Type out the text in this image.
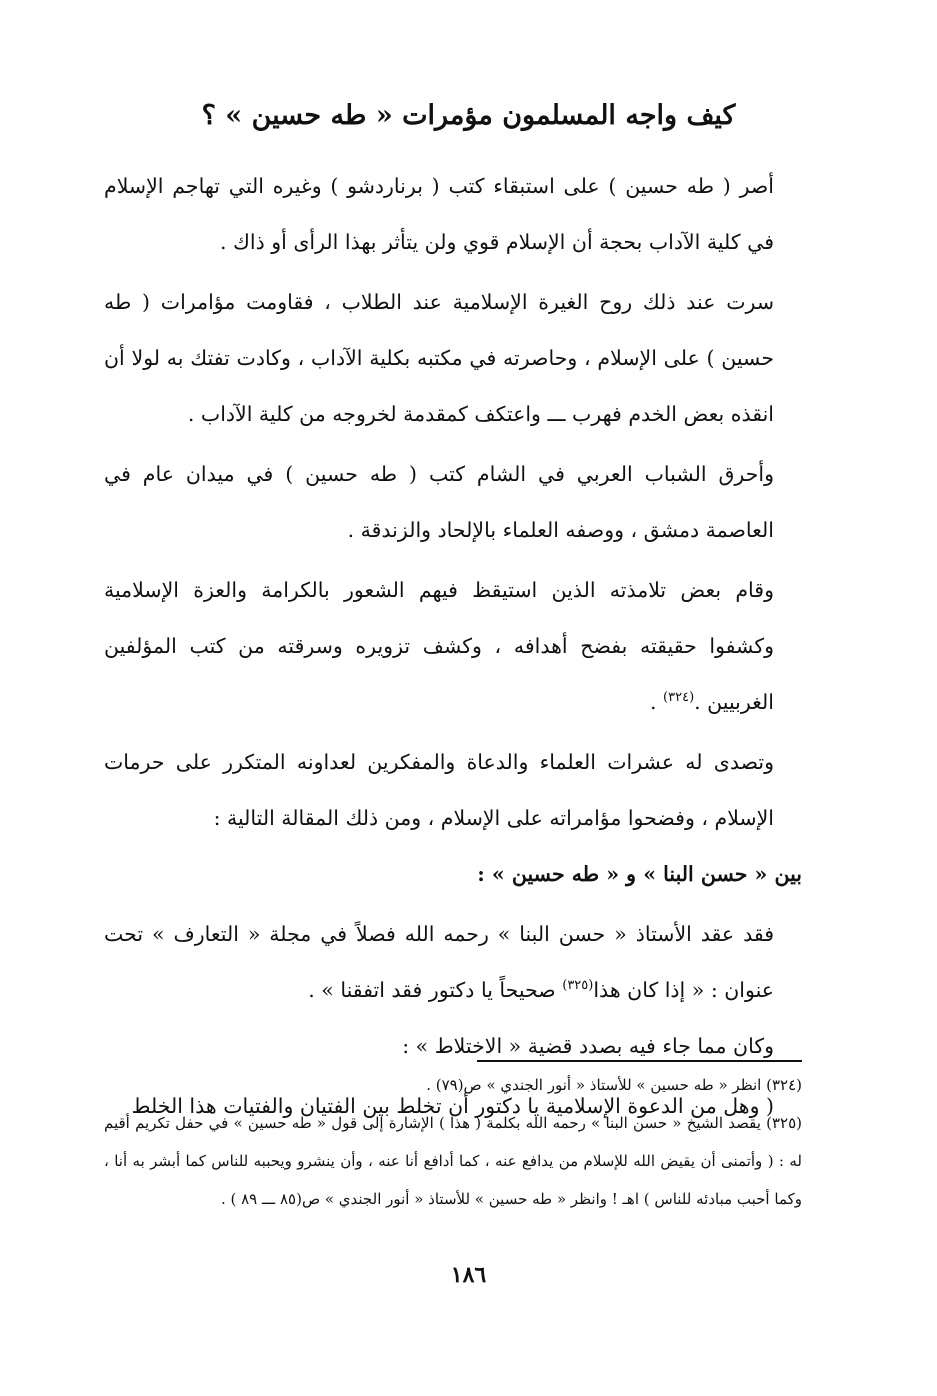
كيف واجه المسلمون مؤمرات « طه حسين » ؟

أصر ( طه حسين ) على استبقاء كتب ( برناردشو ) وغيره التي تهاجم الإسلام في كلية الآداب بحجة أن الإسلام قوي ولن يتأثر بهذا الرأى أو ذاك .

سرت عند ذلك روح الغيرة الإسلامية عند الطلاب ، فقاومت مؤامرات ( طه حسين ) على الإسلام ، وحاصرته في مكتبه بكلية الآداب ، وكادت تفتك به لولا أن انقذه بعض الخدم فهرب ـــ واعتكف كمقدمة لخروجه من كلية الآداب .

وأحرق الشباب العربي في الشام كتب ( طه حسين ) في ميدان عام في العاصمة دمشق ، ووصفه العلماء بالإلحاد والزندقة .

وقام بعض تلامذته الذين استيقظ فيهم الشعور بالكرامة والعزة الإسلامية وكشفوا حقيقته بفضح أهدافه ، وكشف تزويره وسرقته من كتب المؤلفين الغربيين .$^{(٣٢٤)}$ .

وتصدى له عشرات العلماء والدعاة والمفكرين لعداونه المتكرر على حرمات الإسلام ، وفضحوا مؤامراته على الإسلام ، ومن ذلك المقالة التالية :

بين « حسن البنا » و « طه حسين » :

فقد عقد الأستاذ « حسن البنا » رحمه الله فصلاً في مجلة « التعارف » تحت عنوان : « إذا كان هذا$^{(٣٢٥)}$ صحيحاً يا دكتور فقد اتفقنا » .

وكان مما جاء فيه بصدد قضية « الاختلاط » :

( وهل من الدعوة الإسلامية يا دكتور أن تخلط بين الفتيان والفتيات هذا الخلط

(٣٢٤) انظر « طه حسين » للأستاذ « أنور الجندي » ص(٧٩) .

(٣٢٥) يقصد الشيخ « حسن البنا » رحمه الله بكلمة ( هذا ) الإشارة إلى قول « طه حسين » في حفل تكريم أقيم له : ( وأتمنى أن يقيض الله للإسلام من يدافع عنه ، كما أدافع أنا عنه ، وأن ينشرو ويحببه للناس كما أبشر به أنا ، وكما أحبب مبادئه للناس ) اهـ ! وانظر « طه حسين » للأستاذ « أنور الجندي » ص(٨٥ ـــ ٨٩ ) .

١٨٦
